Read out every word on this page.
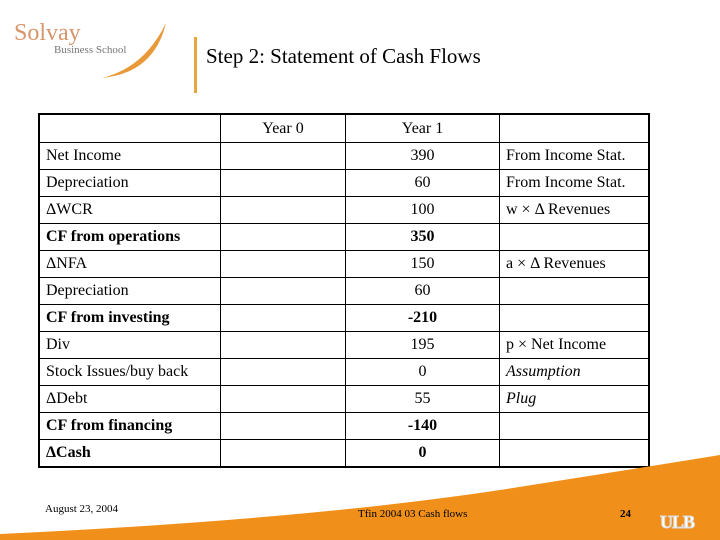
Solvay
Business School	Step 2: Statement of Cash Flows
	Year 0	Year 1	
Net Income		390	From Income Stat.
Depreciation		60	From Income Stat.
ΔWCR		100	w × Δ Revenues
CF from operations		350	
ΔNFA		150	a × Δ Revenues
Depreciation		60	
CF from investing		-210	
Div		195	p × Net Income
Stock Issues/buy back		0	Assumption
ΔDebt		55	Plug
CF from financing		-140	
ΔCash		0	
August 23, 2004	Tfin 2004 03 Cash flows	24 ULB
